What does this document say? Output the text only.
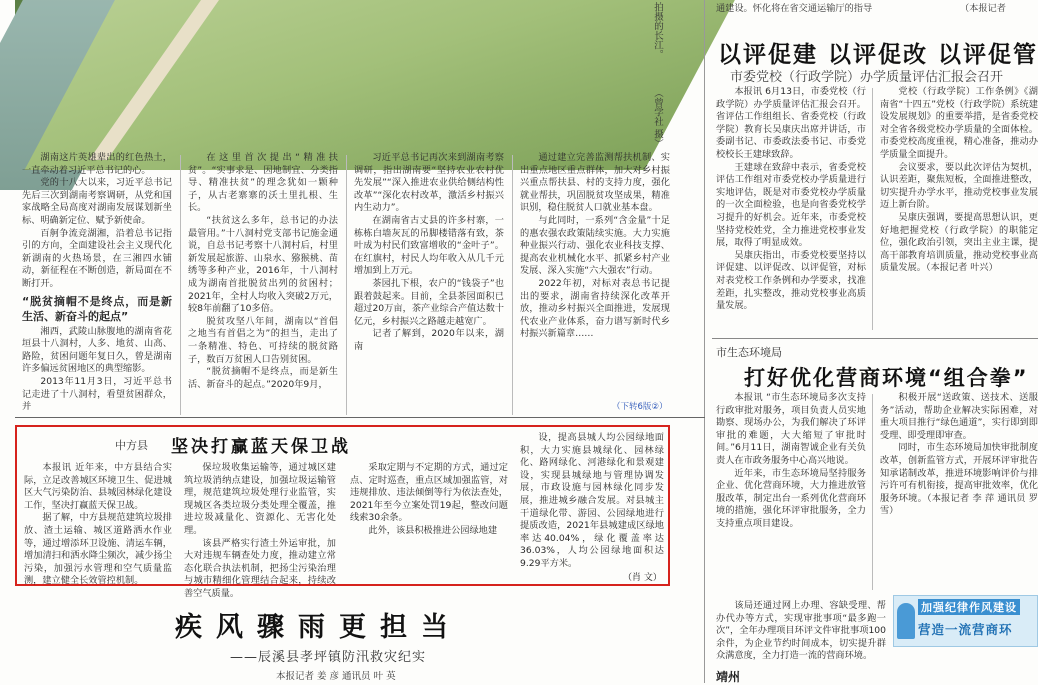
拍摄的长江。
（曾学社 摄）
通建设。怀化将在省交通运输厅的指导	（本报记者

湖南这片英雄辈出的红色热土，一直牵动着习近平总书记的心。

党的十八大以来，习近平总书记先后三次到湖南考察调研，从党和国家战略全局高度对湖南发展谋划新坐标、明确新定位、赋予新使命。

百舸争流竞湖湘，沿着总书记指引的方向，全面建设社会主义现代化新湖南的火热场景，在三湘四水铺动，新征程在不断创造，新局面在不断打开。

“脱贫摘帽不是终点，而是新生活、新奋斗的起点”

湘西，武陵山脉腹地的湖南省花垣县十八洞村，人多、地贫、山高、路险，贫困问题年复日久，曾是湖南许多偏远贫困地区的典型缩影。

2013年11月3日，习近平总书记走进了十八洞村，看望贫困群众，并

在这里首次提出“精准扶贫”。“实事求是、因地制宜、分类指导、精准扶贫”的理念犹如一颗种子，从古老寨寨的沃土里扎根、生长。

“扶贫这么多年，总书记的办法最管用。”十八洞村党支部书记施金通说，自总书记考察十八洞村后，村里新发展起旅游、山泉水、猕猴桃、苗绣等多种产业，2016年，十八洞村成为湖南首批脱贫出列的贫困村；2021年，全村人均收入突破2万元，较8年前翻了10多倍。

脱贫攻坚八年间，湖南以“首倡之地当有首倡之为”的担当，走出了一条精准、特色、可持续的脱贫路子，数百万贫困人口告别贫困。

“脱贫摘帽不是终点，而是新生活、新奋斗的起点。”2020年9月，

习近平总书记再次来到湖南考察调研，指出湖南要“坚持农业农村优先发展”“深入推进农业供给侧结构性改革”“深化农村改革，激活乡村振兴内生动力”。

在湖南省古丈县的许多村寨，一栋栋白墙灰瓦的吊脚楼错落有致，茶叶成为村民们致富增收的“金叶子”。在红旗村，村民人均年收入从几千元增加到上万元。

茶园扎下根，农户的“钱袋子”也跟着鼓起来。目前，全县茶园面积已超过20万亩，茶产业综合产值达数十亿元，乡村振兴之路越走越宽广。

记者了解到，2020年以来，湖南

通过建立完善监测帮扶机制、实出重点地区重点群体，加大对乡村振兴重点帮扶县、村的支持力度，强化就业帮扶，巩固脱贫攻坚成果，精准识别，稳住脱贫人口就业基本盘。

与此同时，一系列“含金量”十足的惠农强农政策陆续实施。大力实施种业振兴行动、强化农业科技支撑、提高农业机械化水平、抓紧乡村产业发展、深入实施“六大强农”行动。

2022年初，对标对表总书记提出的要求，湖南省持续深化改革开放，推动乡村振兴全面推进，发展现代农业产业体系，奋力谱写新时代乡村振兴新篇章……

（下转6版②）
中方县 坚决打赢蓝天保卫战

本报讯 近年来，中方县结合实际，立足改善城区环境卫生、促进城区大气污染防治、县城园林绿化建设工作，坚决打赢蓝天保卫战。

据了解，中方县规范建筑垃圾排放、渣土运输、城区道路洒水作业等，通过增添环卫设施、清运车辆，增加清扫和洒水降尘频次，减少扬尘污染，加强污水管理和空气质量监测，建立健全长效管控机制。

保垃圾收集运输等，通过城区建筑垃圾消纳点建设，加强垃圾运输管理，规范建筑垃圾处理行业监管，实现城区各类垃圾分类处理全覆盖，推进垃圾减量化、资源化、无害化处理。

该县严格实行渣土外运审批，加大对违规车辆查处力度，推动建立常态化联合执法机制，把扬尘污染治理与城市精细化管理结合起来，持续改善空气质量。

采取定期与不定期的方式，通过定点、定时巡查，重点区域加强监管，对违规排放、违法倾倒等行为依法查处，2021年至今立案处罚19起，整改问题线索30余条。

此外，该县积极推进公园绿地建

设，提高县城人均公园绿地面积，大力实施县城绿化、园林绿化、路网绿化、河港绿化和景观建设，实现县城绿地与管理协调发展，市政设施与园林绿化同步发展，推进城乡融合发展。对县城主干道绿化带、游园、公园绿地进行提质改造，2021年县城建成区绿地率达40.04%，绿化覆盖率达36.03%，人均公园绿地面积达9.29平方米。

（肖 文）
疾风骤雨更担当
——辰溪县孝坪镇防汛救灾纪实
本报记者 姜 彦 通讯员 叶 英
以评促建 以评促改 以评促管
市委党校（行政学院）办学质量评估汇报会召开

本报讯 6月13日，市委党校（行政学院）办学质量评估汇报会召开。省评估工作组组长、省委党校（行政学院）教育长吴康庆出席并讲话，市委副书记、市委政法委书记、市委党校校长王建球致辞。

王建球在致辞中表示，省委党校评估工作组对市委党校办学质量进行实地评估，既是对市委党校办学质量的一次全面检验，也是向省委党校学习提升的好机会。近年来，市委党校坚持党校姓党，全力推进党校事业发展，取得了明显成效。

吴康庆指出，市委党校要坚持以评促建、以评促改、以评促管，对标对表党校工作条例和办学要求，找准差距，扎实整改，推动党校事业高质量发展。

党校（行政学院）工作条例》《湖南省“十四五”党校（行政学院）系统建设发展规划》的重要举措，是省委党校对全省各级党校办学质量的全面体检。市委党校高度重视，精心准备，推动办学质量全面提升。

会议要求，要以此次评估为契机，认识差距，聚焦短板，全面推进整改，切实提升办学水平，推动党校事业发展迈上新台阶。

吴康庆强调，要提高思想认识，更好地把握党校（行政学院）的职能定位，强化政治引领，突出主业主课，提高干部教育培训质量，推动党校事业高质量发展。（本报记者 叶兴）

市生态环境局
打好优化营商环境“组合拳”

本报讯 “市生态环境局多次支持行政审批对服务，项目负责人员实地勘察、现场办公，为我们解决了环评审批的难题，大大缩短了审批时间。”6月11日，湖南智诚企业有关负责人在市政务服务中心高兴地说。

近年来，市生态环境局坚持服务企业、优化营商环境，大力推进放管服改革，制定出台一系列优化营商环境的措施，强化环评审批服务，全力支持重点项目建设。

积极开展“送政策、送技术、送服务”活动，帮助企业解决实际困难，对重大项目推行“绿色通道”，实行即到即受理、即受理即审查。

同时，市生态环境局加快审批制度改革，创新监管方式，开展环评审批告知承诺制改革，推进环境影响评价与排污许可有机衔接，提高审批效率，优化服务环境。（本报记者 李 萍 通讯员 罗 雪）

该局还通过网上办理、容缺受理、帮办代办等方式，实现审批事项“最多跑一次”，全年办理项目环评文件审批事项100余件，为企业节约时间成本，切实提升群众满意度，全力打造一流的营商环境。

加强纪律作风建设
营造一流营商环
靖州
